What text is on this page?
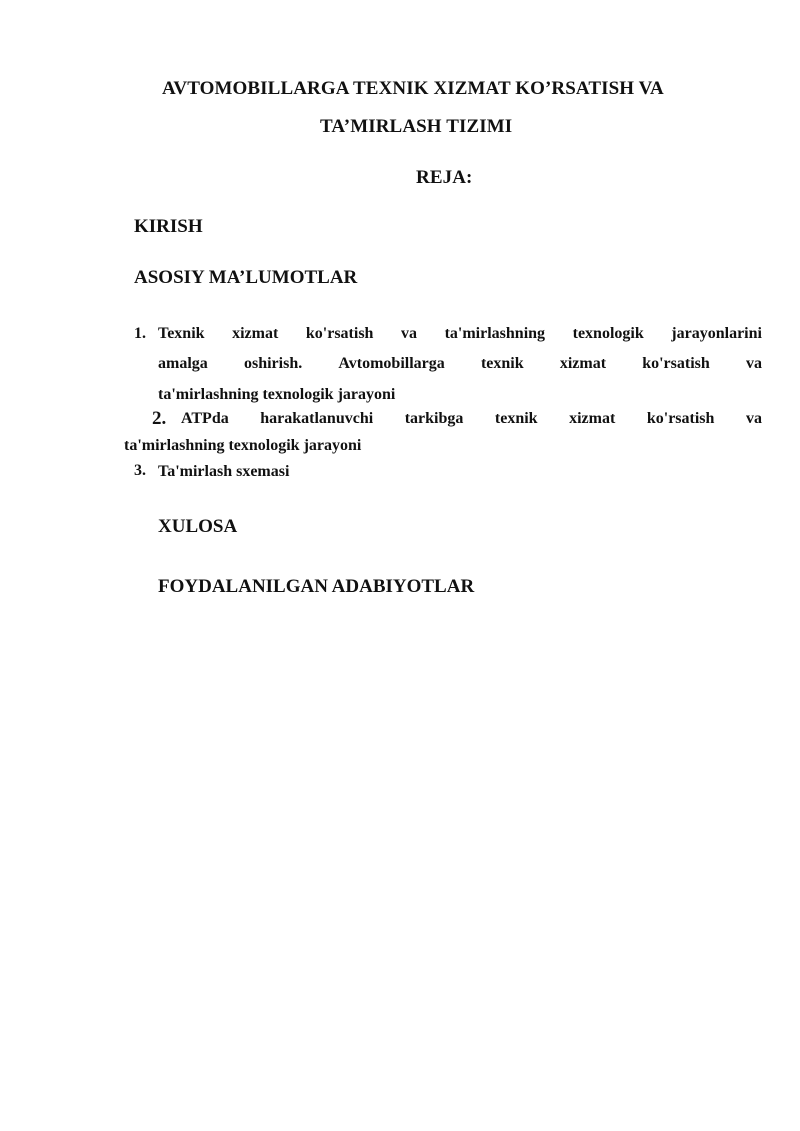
AVTOMOBILLARGA TEXNIK XIZMAT KO’RSATISH VA
TA’MIRLASH TIZIMI
REJA:
KIRISH
ASOSIY MA’LUMOTLAR
1. Texnik xizmat ko'rsatish va ta'mirlashning texnologik jarayonlarini
amalga oshirish. Avtomobillarga texnik xizmat ko'rsatish va
ta'mirlashning texnologik jarayoni
2. ATPda harakatlanuvchi tarkibga texnik xizmat ko'rsatish va
ta'mirlashning texnologik jarayoni
3. Ta'mirlash sxemasi
XULOSA
FOYDALANILGAN ADABIYOTLAR
